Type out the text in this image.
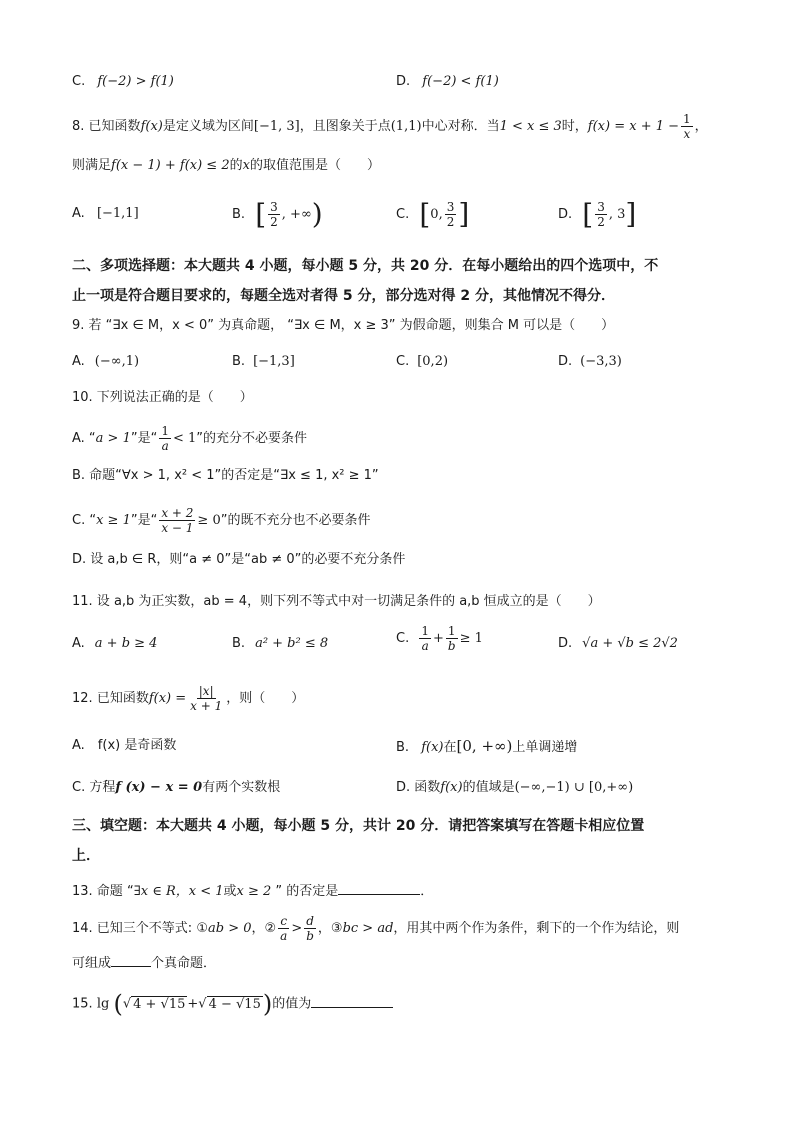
C. f(−2) > f(1)	D. f(−2) < f(1)
8. 已知函数f(x)是定义域为区间[−1, 3]，且图象关于点(1,1)中心对称．当1 < x ≤ 3时，$f(x) = x + 1 - \frac{1}{x}$ ，
则满足f(x − 1) + f(x) ≤ 2的x的取值范围是（　　）
A. [−1,1]	B. [ $\frac{3}{2}$ , +∞)	C. [0, $\frac{3}{2}$ ]	D. [ $\frac{3}{2}$ , 3]
二、多项选择题：本大题共 4 小题，每小题 5 分，共 20 分．在每小题给出的四个选项中，不
止一项是符合题目要求的，每题全选对者得 5 分，部分选对得 2 分，其他情况不得分．
9. 若 “∃x ∈ M，x < 0” 为真命题， “∃x ∈ M，x ≥ 3” 为假命题，则集合 M 可以是（　　）
A. (−∞,1)	B. [−1,3]	C. [0,2)	D. (−3,3)
10. 下列说法正确的是（　　）
A. “a > 1”是“ $\frac{1}{a} < 1$”的充分不必要条件
B. 命题“∀x > 1, x² < 1”的否定是“∃x ≤ 1, x² ≥ 1”
C. “x ≥ 1”是“ $\frac{x + 2}{x - 1} \ge 0$”的既不充分也不必要条件
D. 设 a,b ∈ R，则“a ≠ 0”是“ab ≠ 0”的必要不充分条件
11. 设 a,b 为正实数，ab = 4，则下列不等式中对一切满足条件的 a,b 恒成立的是（　　）
A. a + b ≥ 4	B. a² + b² ≤ 8	C. $\frac{1}{a} + \frac{1}{b} \ge 1$	D. √a + √b ≤ 2√2
12. 已知函数$f(x) = \frac{|x|}{x + 1}$ ，则（　　）
A.　f(x) 是奇函数	B. f(x)在[0, +∞)上单调递增
C. 方程f (x) − x = 0有两个实数根	D. 函数f(x)的值域是(−∞,−1) ∪ [0,+∞)
三、填空题：本大题共 4 小题，每小题 5 分，共计 20 分．请把答案填写在答题卡相应位置
上．
13. 命题 “∃x ∈ R，x < 1或x ≥ 2 ” 的否定是	．
14. 已知三个不等式: ①ab > 0，② $\frac{c}{a} > \frac{d}{b}$ ，③bc > ad，用其中两个作为条件，剩下的一个作为结论，则
可组成	个真命题．
15. lg (√ 4 + √15 +√ 4 − √15)的值为
